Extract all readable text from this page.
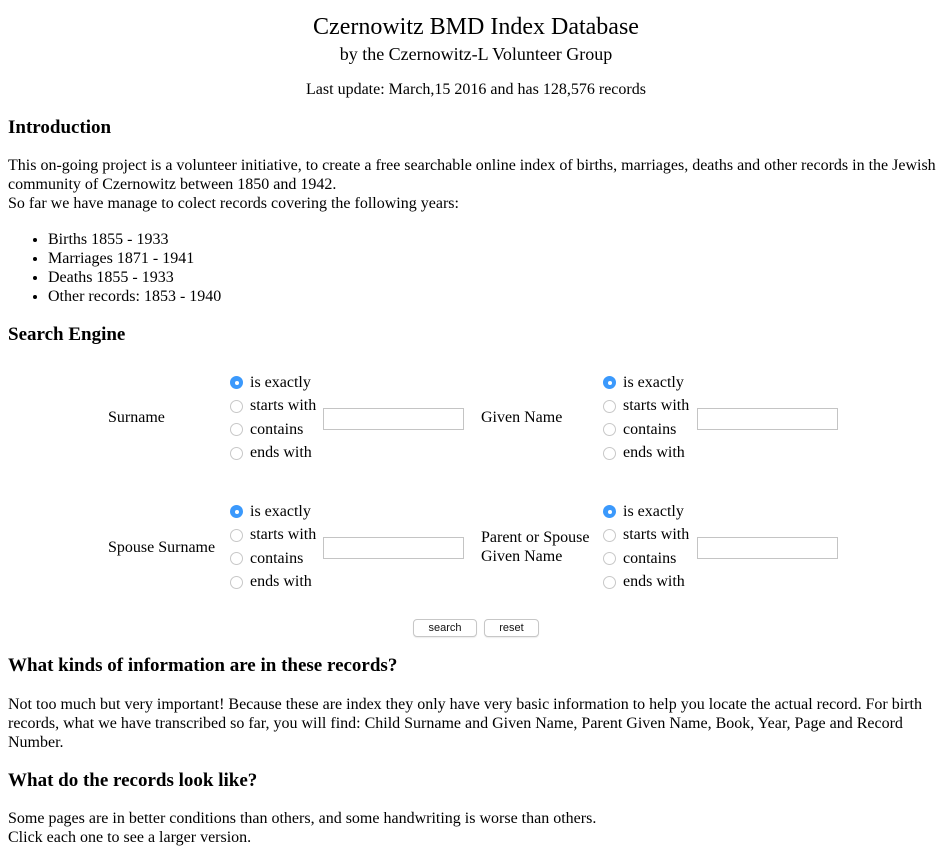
Czernowitz BMD Index Database
by the Czernowitz-L Volunteer Group
Last update: March,15 2016 and has 128,576 records
Introduction
This on-going project is a volunteer initiative, to create a free searchable online index of births, marriages, deaths and other records in the Jewish
community of Czernowitz between 1850 and 1942.
So far we have manage to colect records covering the following years:
• Births 1855 - 1933
• Marriages 1871 - 1941
• Deaths 1855 - 1933
• Other records: 1853 - 1940
Search Engine
Surname
is exactly
starts with
contains
ends with
Given Name
is exactly
starts with
contains
ends with
Spouse Surname
is exactly
starts with
contains
ends with
Parent or Spouse
Given Name
is exactly
starts with
contains
ends with
search	reset
What kinds of information are in these records?
Not too much but very important! Because these are index they only have very basic information to help you locate the actual record. For birth
records, what we have transcribed so far, you will find: Child Surname and Given Name, Parent Given Name, Book, Year, Page and Record
Number.
What do the records look like?
Some pages are in better conditions than others, and some handwriting is worse than others.
Click each one to see a larger version.
